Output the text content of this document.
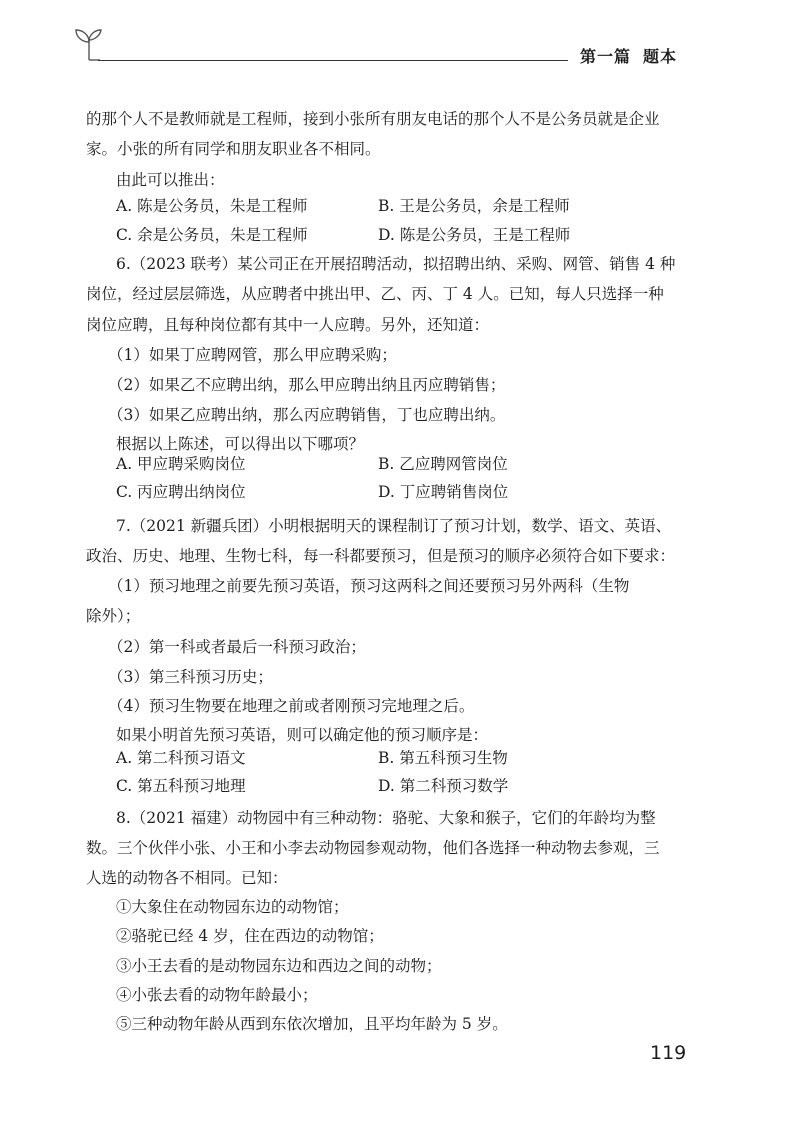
第一篇 题本
的那个人不是教师就是工程师，接到小张所有朋友电话的那个人不是公务员就是企业
家。小张的所有同学和朋友职业各不相同。
由此可以推出：
A. 陈是公务员，朱是工程师	B. 王是公务员，余是工程师
C. 余是公务员，朱是工程师	D. 陈是公务员，王是工程师
6.（2023 联考）某公司正在开展招聘活动，拟招聘出纳、采购、网管、销售 4 种
岗位，经过层层筛选，从应聘者中挑出甲、乙、丙、丁 4 人。已知，每人只选择一种
岗位应聘，且每种岗位都有其中一人应聘。另外，还知道：
（1）如果丁应聘网管，那么甲应聘采购；
（2）如果乙不应聘出纳，那么甲应聘出纳且丙应聘销售；
（3）如果乙应聘出纳，那么丙应聘销售，丁也应聘出纳。
根据以上陈述，可以得出以下哪项？
A. 甲应聘采购岗位	B. 乙应聘网管岗位
C. 丙应聘出纳岗位	D. 丁应聘销售岗位
7.（2021 新疆兵团）小明根据明天的课程制订了预习计划，数学、语文、英语、
政治、历史、地理、生物七科，每一科都要预习，但是预习的顺序必须符合如下要求：
（1）预习地理之前要先预习英语，预习这两科之间还要预习另外两科（生物
除外）；
（2）第一科或者最后一科预习政治；
（3）第三科预习历史；
（4）预习生物要在地理之前或者刚预习完地理之后。
如果小明首先预习英语，则可以确定他的预习顺序是：
A. 第二科预习语文	B. 第五科预习生物
C. 第五科预习地理	D. 第二科预习数学
8.（2021 福建）动物园中有三种动物：骆驼、大象和猴子，它们的年龄均为整
数。三个伙伴小张、小王和小李去动物园参观动物，他们各选择一种动物去参观，三
人选的动物各不相同。已知：
①大象住在动物园东边的动物馆；
②骆驼已经 4 岁，住在西边的动物馆；
③小王去看的是动物园东边和西边之间的动物；
④小张去看的动物年龄最小；
⑤三种动物年龄从西到东依次增加，且平均年龄为 5 岁。
119
